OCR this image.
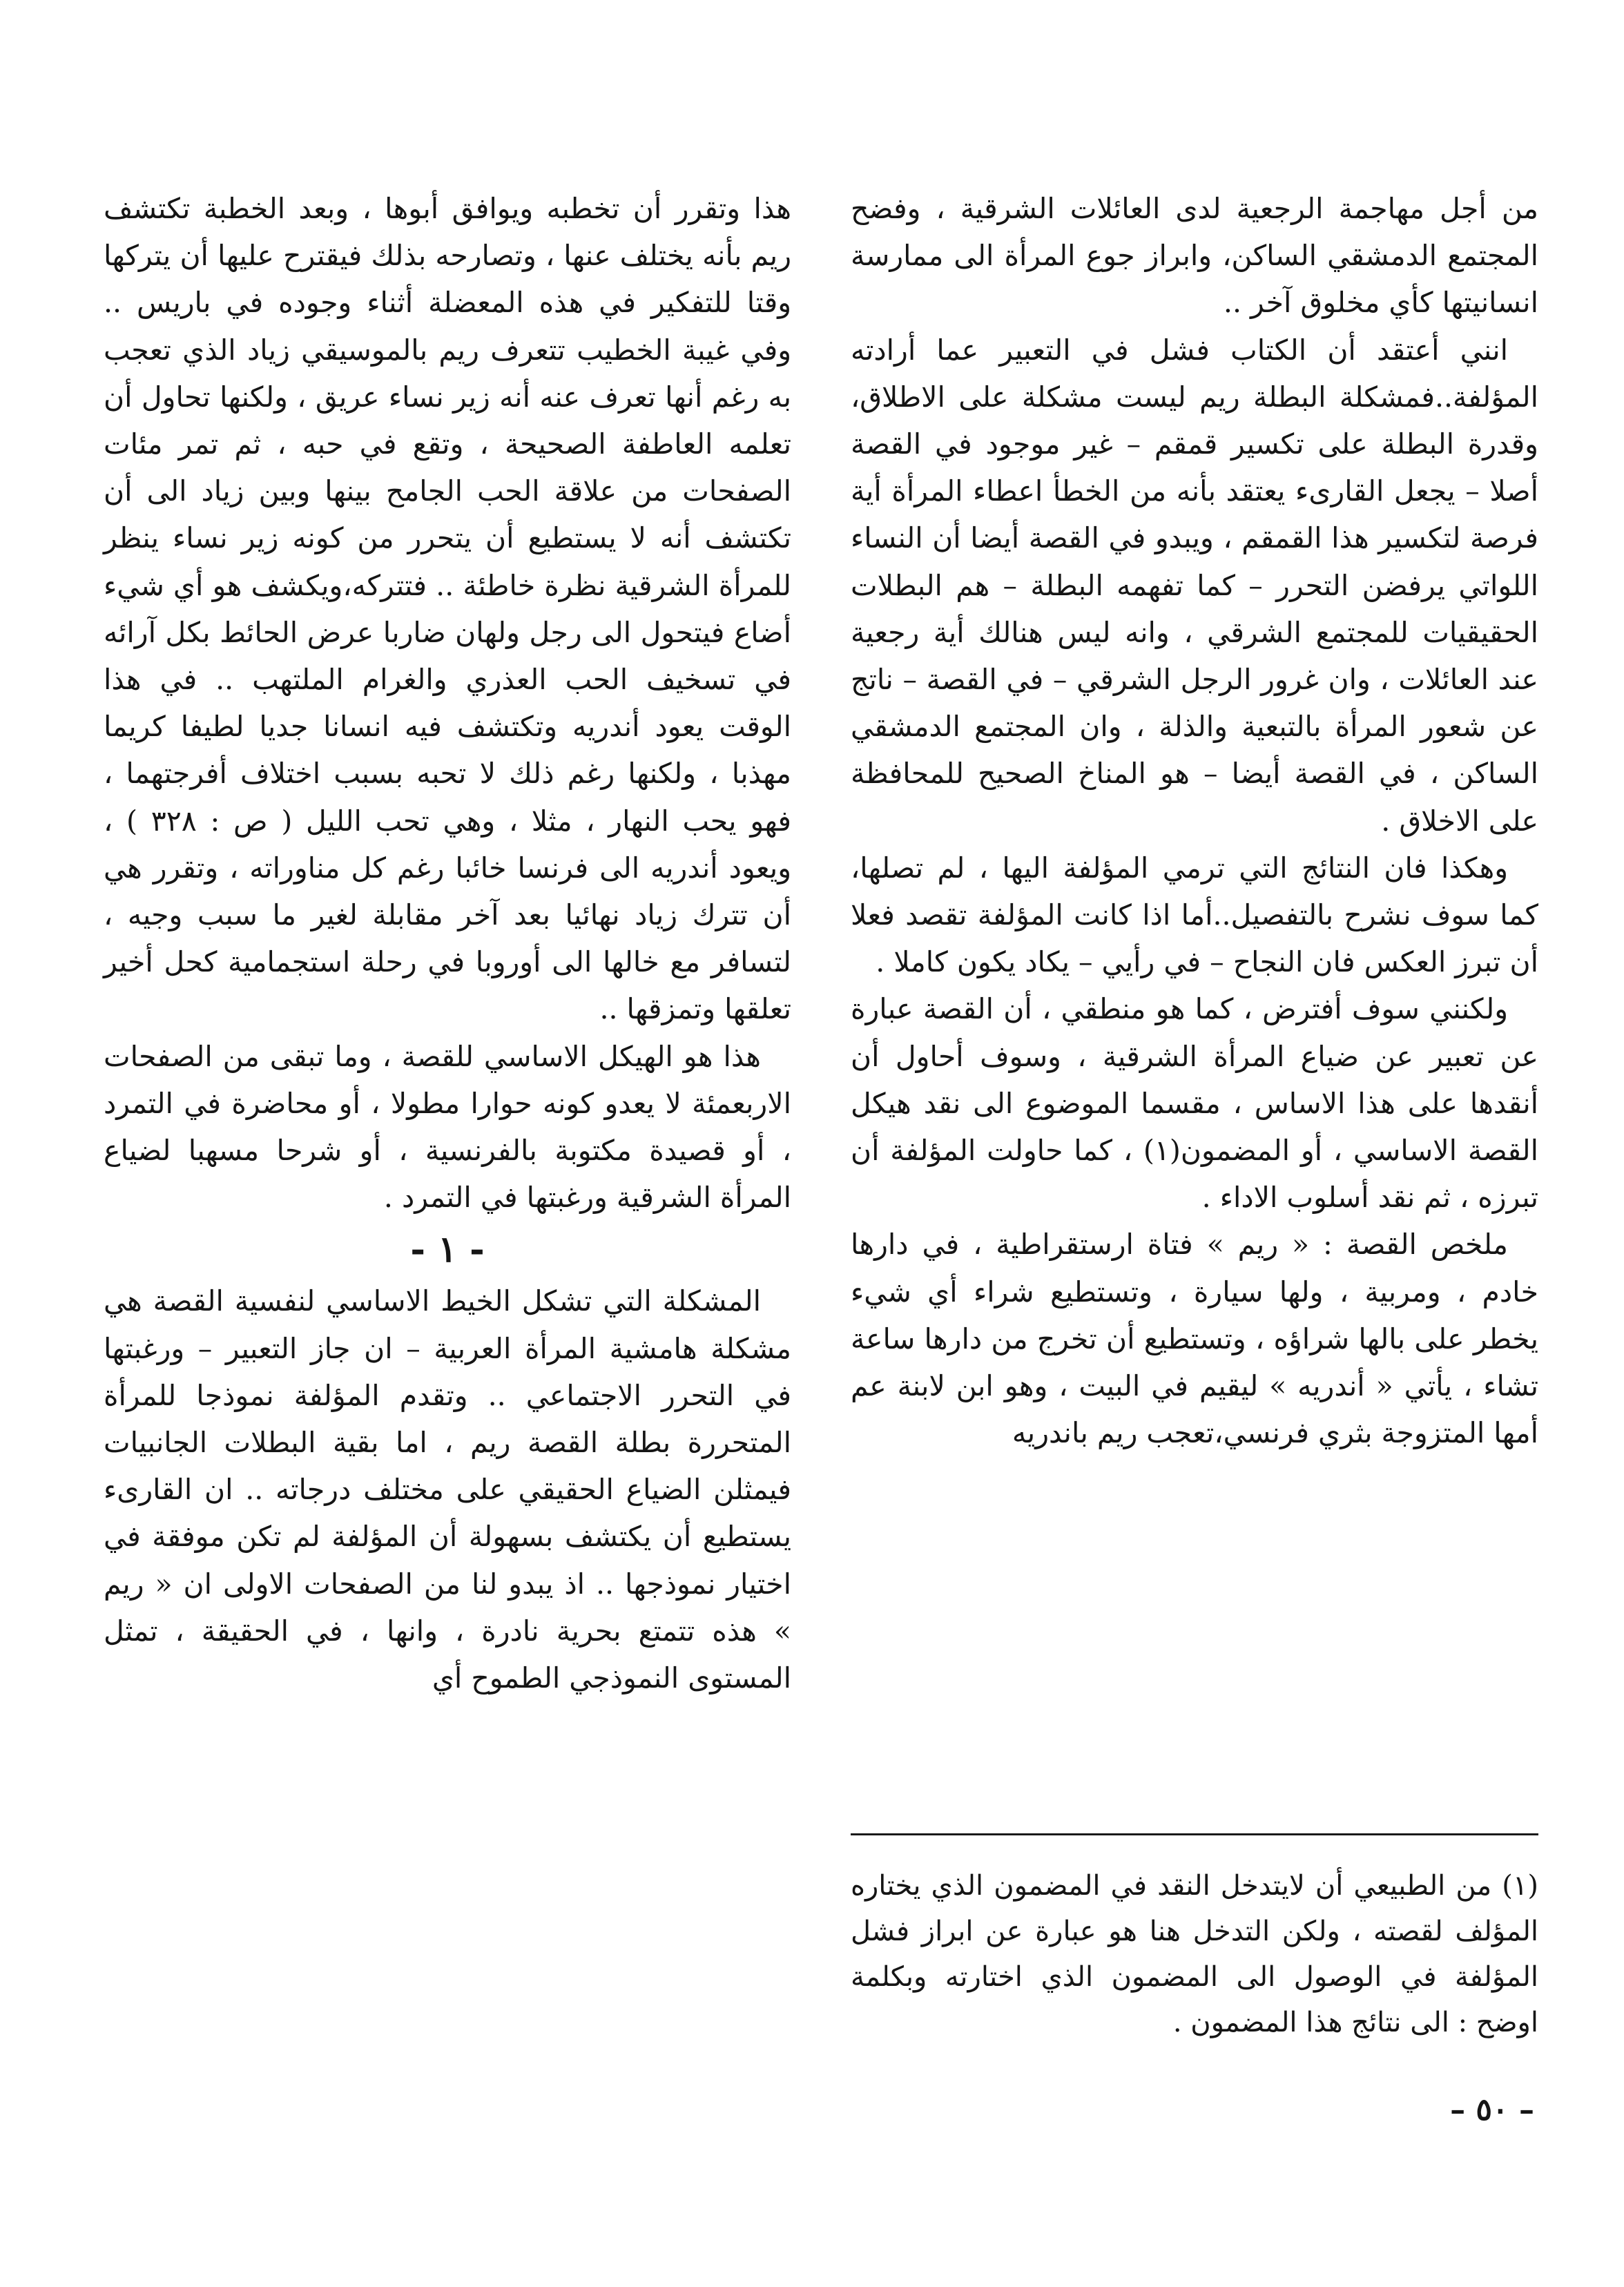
من أجل مهاجمة الرجعية لدى العائلات الشرقية ، وفضح المجتمع الدمشقي الساكن، وابراز جوع المرأة الى ممارسة انسانيتها كأي مخلوق آخر ..

انني أعتقد أن الكتاب فشل في التعبير عما أرادته المؤلفة..فمشكلة البطلة ريم ليست مشكلة على الاطلاق، وقدرة البطلة على تكسير قمقم – غير موجود في القصة أصلا – يجعل القارىء يعتقد بأنه من الخطأ اعطاء المرأة أية فرصة لتكسير هذا القمقم ، ويبدو في القصة أيضا أن النساء اللواتي يرفضن التحرر – كما تفهمه البطلة – هم البطلات الحقيقيات للمجتمع الشرقي ، وانه ليس هنالك أية رجعية عند العائلات ، وان غرور الرجل الشرقي – في القصة – ناتج عن شعور المرأة بالتبعية والذلة ، وان المجتمع الدمشقي الساكن ، في القصة أيضا – هو المناخ الصحيح للمحافظة على الاخلاق .

وهكذا فان النتائج التي ترمي المؤلفة اليها ، لم تصلها، كما سوف نشرح بالتفصيل..أما اذا كانت المؤلفة تقصد فعلا أن تبرز العكس فان النجاح – في رأيي – يكاد يكون كاملا .

ولكنني سوف أفترض ، كما هو منطقي ، أن القصة عبارة عن تعبير عن ضياع المرأة الشرقية ، وسوف أحاول أن أنقدها على هذا الاساس ، مقسما الموضوع الى نقد هيكل القصة الاساسي ، أو المضمون(١) ، كما حاولت المؤلفة أن تبرزه ، ثم نقد أسلوب الاداء .

ملخص القصة : « ريم » فتاة ارستقراطية ، في دارها خادم ، ومربية ، ولها سيارة ، وتستطيع شراء أي شيء يخطر على بالها شراؤه ، وتستطيع أن تخرج من دارها ساعة تشاء ، يأتي « أندريه » ليقيم في البيت ، وهو ابن لابنة عم أمها المتزوجة بثري فرنسي،تعجب ريم باندريه

(١) من الطبيعي أن لايتدخل النقد في المضمون الذي يختاره المؤلف لقصته ، ولكن التدخل هنا هو عبارة عن ابراز فشل المؤلفة في الوصول الى المضمون الذي اختارته وبكلمة اوضح : الى نتائج هذا المضمون .

هذا وتقرر أن تخطبه ويوافق أبوها ، وبعد الخطبة تكتشف ريم بأنه يختلف عنها ، وتصارحه بذلك فيقترح عليها أن يتركها وقتا للتفكير في هذه المعضلة أثناء وجوده في باريس .. وفي غيبة الخطيب تتعرف ريم بالموسيقي زياد الذي تعجب به رغم أنها تعرف عنه أنه زير نساء عريق ، ولكنها تحاول أن تعلمه العاطفة الصحيحة ، وتقع في حبه ، ثم تمر مئات الصفحات من علاقة الحب الجامح بينها وبين زياد الى أن تكتشف أنه لا يستطيع أن يتحرر من كونه زير نساء ينظر للمرأة الشرقية نظرة خاطئة .. فتتركه،ويكشف هو أي شيء أضاع فيتحول الى رجل ولهان ضاربا عرض الحائط بكل آرائه في تسخيف الحب العذري والغرام الملتهب .. في هذا الوقت يعود أندريه وتكتشف فيه انسانا جديا لطيفا كريما مهذبا ، ولكنها رغم ذلك لا تحبه بسبب اختلاف أفرجتهما ، فهو يحب النهار ، مثلا ، وهي تحب الليل ( ص : ٣٢٨ ) ، ويعود أندريه الى فرنسا خائبا رغم كل مناوراته ، وتقرر هي أن تترك زياد نهائيا بعد آخر مقابلة لغير ما سبب وجيه ، لتسافر مع خالها الى أوروبا في رحلة استجمامية كحل أخير تعلقها وتمزقها ..

هذا هو الهيكل الاساسي للقصة ، وما تبقى من الصفحات الاربعمئة لا يعدو كونه حوارا مطولا ، أو محاضرة في التمرد ، أو قصيدة مكتوبة بالفرنسية ، أو شرحا مسهبا لضياع المرأة الشرقية ورغبتها في التمرد .

- ١ -

المشكلة التي تشكل الخيط الاساسي لنفسية القصة هي مشكلة هامشية المرأة العربية – ان جاز التعبير – ورغبتها في التحرر الاجتماعي .. وتقدم المؤلفة نموذجا للمرأة المتحررة بطلة القصة ريم ، اما بقية البطلات الجانبيات فيمثلن الضياع الحقيقي على مختلف درجاته .. ان القارىء يستطيع أن يكتشف بسهولة أن المؤلفة لم تكن موفقة في اختيار نموذجها .. اذ يبدو لنا من الصفحات الاولى ان « ريم » هذه تتمتع بحرية نادرة ، وانها ، في الحقيقة ، تمثل المستوى النموذجي الطموح أي

– ٥٠ –
